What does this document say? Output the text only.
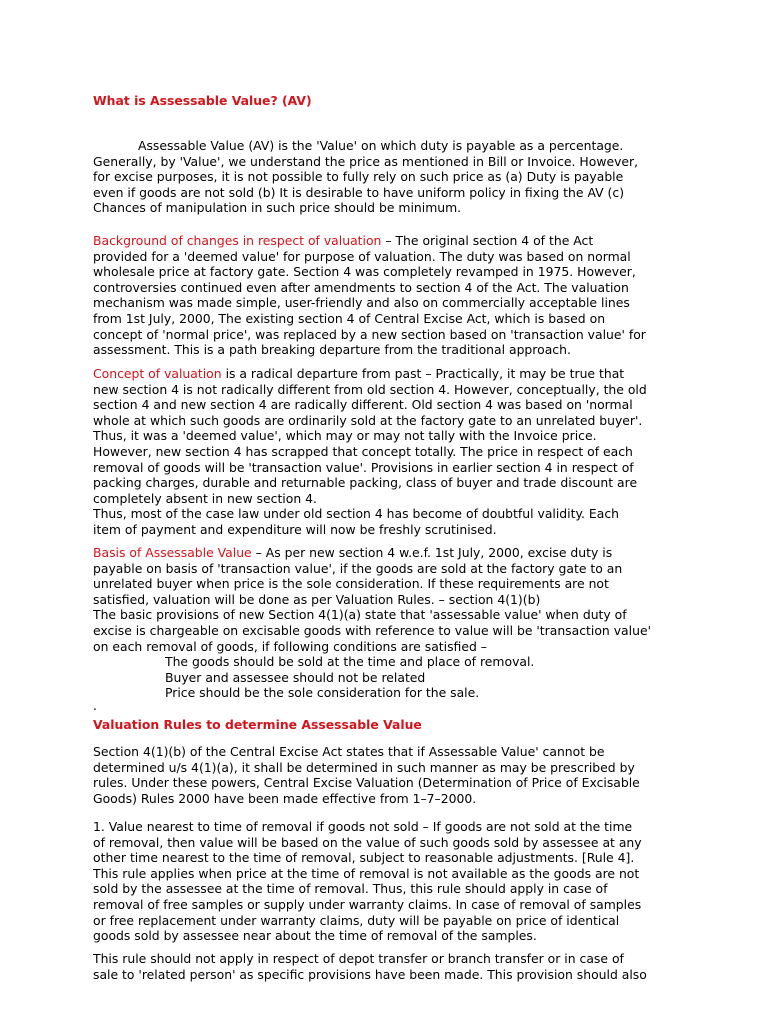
What is Assessable Value? (AV)
Assessable Value (AV) is the 'Value' on which duty is payable as a percentage.
Generally, by 'Value', we understand the price as mentioned in Bill or Invoice. However,
for excise purposes, it is not possible to fully rely on such price as (a) Duty is payable
even if goods are not sold (b) It is desirable to have uniform policy in fixing the AV (c)
Chances of manipulation in such price should be minimum.
Background of changes in respect of valuation – The original section 4 of the Act
provided for a 'deemed value' for purpose of valuation. The duty was based on normal
wholesale price at factory gate. Section 4 was completely revamped in 1975. However,
controversies continued even after amendments to section 4 of the Act. The valuation
mechanism was made simple, user-friendly and also on commercially acceptable lines
from 1st July, 2000, The existing section 4 of Central Excise Act, which is based on
concept of 'normal price', was replaced by a new section based on 'transaction value' for
assessment. This is a path breaking departure from the traditional approach.
Concept of valuation is a radical departure from past – Practically, it may be true that
new section 4 is not radically different from old section 4. However, conceptually, the old
section 4 and new section 4 are radically different. Old section 4 was based on 'normal
whole at which such goods are ordinarily sold at the factory gate to an unrelated buyer'.
Thus, it was a 'deemed value', which may or may not tally with the Invoice price.
However, new section 4 has scrapped that concept totally. The price in respect of each
removal of goods will be 'transaction value'. Provisions in earlier section 4 in respect of
packing charges, durable and returnable packing, class of buyer and trade discount are
completely absent in new section 4.
Thus, most of the case law under old section 4 has become of doubtful validity. Each
item of payment and expenditure will now be freshly scrutinised.
Basis of Assessable Value – As per new section 4 w.e.f. 1st July, 2000, excise duty is
payable on basis of 'transaction value', if the goods are sold at the factory gate to an
unrelated buyer when price is the sole consideration. If these requirements are not
satisfied, valuation will be done as per Valuation Rules. – section 4(1)(b)
The basic provisions of new Section 4(1)(a) state that 'assessable value' when duty of
excise is chargeable on excisable goods with reference to value will be 'transaction value'
on each removal of goods, if following conditions are satisfied –
The goods should be sold at the time and place of removal.
Buyer and assessee should not be related
Price should be the sole consideration for the sale.
.
Valuation Rules to determine Assessable Value
Section 4(1)(b) of the Central Excise Act states that if Assessable Value' cannot be
determined u/s 4(1)(a), it shall be determined in such manner as may be prescribed by
rules. Under these powers, Central Excise Valuation (Determination of Price of Excisable
Goods) Rules 2000 have been made effective from 1–7–2000.
1. Value nearest to time of removal if goods not sold – If goods are not sold at the time
of removal, then value will be based on the value of such goods sold by assessee at any
other time nearest to the time of removal, subject to reasonable adjustments. [Rule 4].
This rule applies when price at the time of removal is not available as the goods are not
sold by the assessee at the time of removal. Thus, this rule should apply in case of
removal of free samples or supply under warranty claims. In case of removal of samples
or free replacement under warranty claims, duty will be payable on price of identical
goods sold by assessee near about the time of removal of the samples.
This rule should not apply in respect of depot transfer or branch transfer or in case of
sale to 'related person' as specific provisions have been made. This provision should also
